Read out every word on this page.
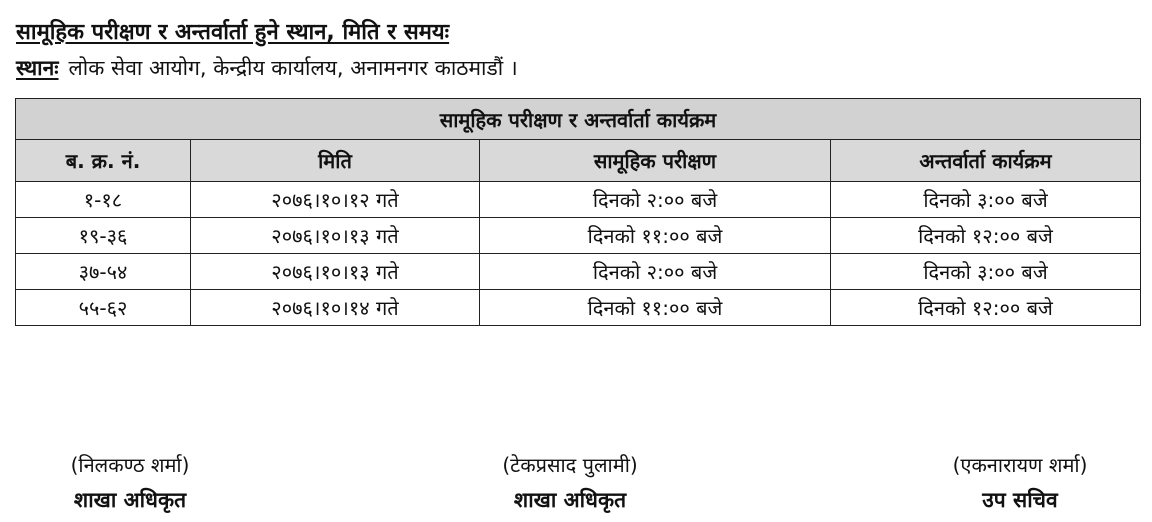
सामूहिक परीक्षण र अन्तर्वार्ता हुने स्थान, मिति र समयः
स्थानः लोक सेवा आयोग, केन्द्रीय कार्यालय, अनामनगर काठमाडौं ।
सामूहिक परीक्षण र अन्तर्वार्ता कार्यक्रम			
ब. क्र. नं.	मिति	सामूहिक परीक्षण	अन्तर्वार्ता कार्यक्रम
१-१८	२०७६।१०।१२ गते	दिनको २:०० बजे	दिनको ३:०० बजे
१९-३६	२०७६।१०।१३ गते	दिनको ११:०० बजे	दिनको १२:०० बजे
३७-५४	२०७६।१०।१३ गते	दिनको २:०० बजे	दिनको ३:०० बजे
५५-६२	२०७६।१०।१४ गते	दिनको ११:०० बजे	दिनको १२:०० बजे
(निलकण्ठ शर्मा)
शाखा अधिकृत
(टेकप्रसाद पुलामी)
शाखा अधिकृत
(एकनारायण शर्मा)
उप सचिव
